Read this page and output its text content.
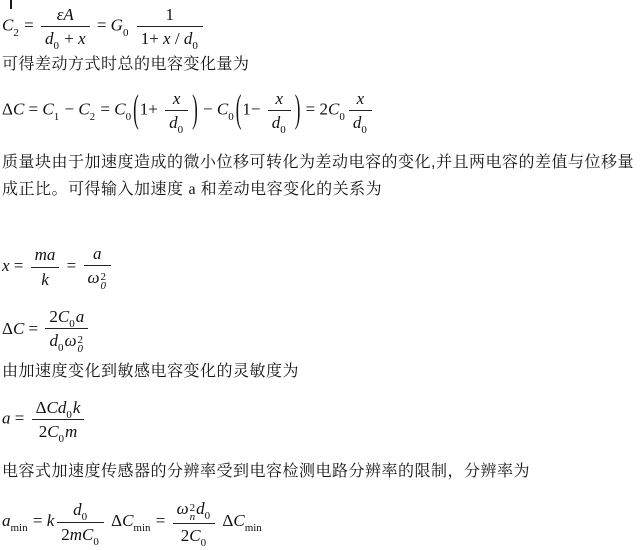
$C_2 = \frac{\varepsilon A}{d_0 + x} = G_0 \frac{1}{1+ x / d_0}$
可得差动方式时总的电容变化量为
$\Delta C = C_1 - C_2 = C_0$ ($1+ \frac{x}{d_0}$ ) − $C_0$ ($1- \frac{x}{d_0}$ ) = $2C_0 \frac{x}{d_0}$
质量块由于加速度造成的微小位移可转化为差动电容的变化,并且两电容的差值与位移量成正比。可得输入加速度 a 和差动电容变化的关系为
$x = \frac{ma}{k} = a$
ω 2
0
$\Delta C = 2C_0a$
$d_0\omega$ 2
0
由加速度变化到敏感电容变化的灵敏度为
$a = \frac{\Delta Cd_0k}{2C_0m}$
电容式加速度传感器的分辨率受到电容检测电路分辨率的限制，分辨率为
$a_{min} = k \frac{d_0}{2mC_0} \Delta C_{min} = \omega$ 2
n $d_0$
$2C_0$ $\Delta C_{min}$
